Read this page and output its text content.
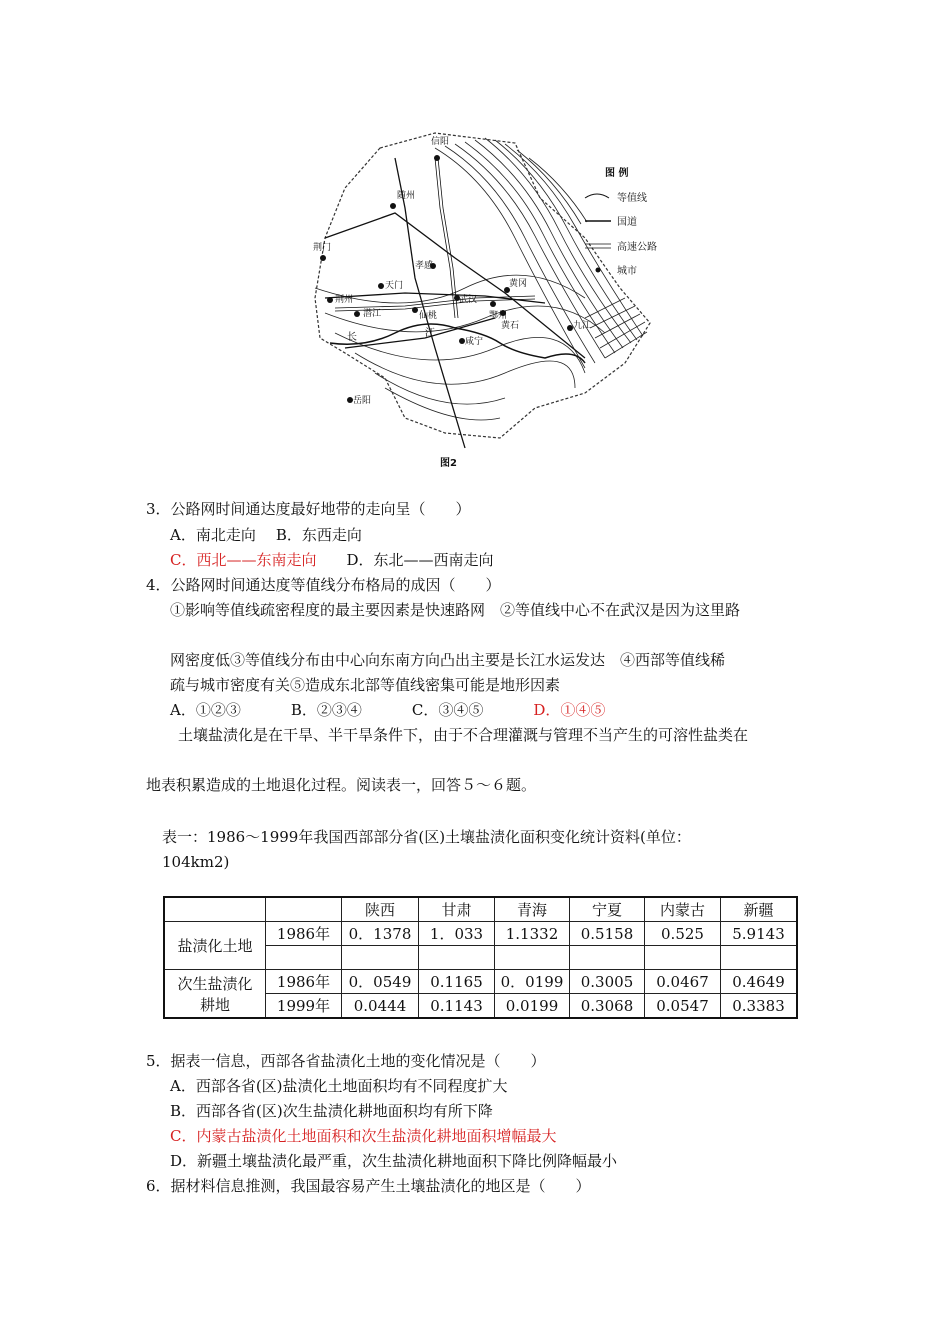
信阳
随州
荆门
孝感
天门
荆州
潜江	仙桃
武汉
鄂州
黄石
黄冈
咸宁
九江
岳阳
长	江
图 例
等值线
国道
高速公路
城市
图2
3．公路网时间通达度最好地带的走向呈（　　）
A．南北走向 B．东西走向
C．西北——东南走向 D．东北——西南走向
4．公路网时间通达度等值线分布格局的成因（　　）
①影响等值线疏密程度的最主要因素是快速路网　②等值线中心不在武汉是因为这里路
网密度低③等值线分布由中心向东南方向凸出主要是长江水运发达　④西部等值线稀
疏与城市密度有关⑤造成东北部等值线密集可能是地形因素
A．①②③	B．②③④	C．③④⑤	D．①④⑤
土壤盐渍化是在干旱、半干旱条件下，由于不合理灌溉与管理不当产生的可溶性盐类在
地表积累造成的土地退化过程。阅读表一，回答５～６题。
表一：1986～1999年我国西部部分省(区)土壤盐渍化面积变化统计资料(单位：
104km2)
		陕西	甘肃	青海	宁夏	内蒙古	新疆
盐渍化土地	1986年	0．1378	1．033	1.1332	0.5158	0.525	5.9143

次生盐渍化
耕地	1986年	0．0549	0.1165	0．0199	0.3005	0.0467	0.4649
	1999年	0.0444	0.1143	0.0199	0.3068	0.0547	0.3383
5．据表一信息，西部各省盐渍化土地的变化情况是（　　）
A．西部各省(区)盐渍化土地面积均有不同程度扩大
B．西部各省(区)次生盐渍化耕地面积均有所下降
C．内蒙古盐渍化土地面积和次生盐渍化耕地面积增幅最大
D．新疆土壤盐渍化最严重，次生盐渍化耕地面积下降比例降幅最小
6．据材料信息推测，我国最容易产生土壤盐渍化的地区是（　　）
